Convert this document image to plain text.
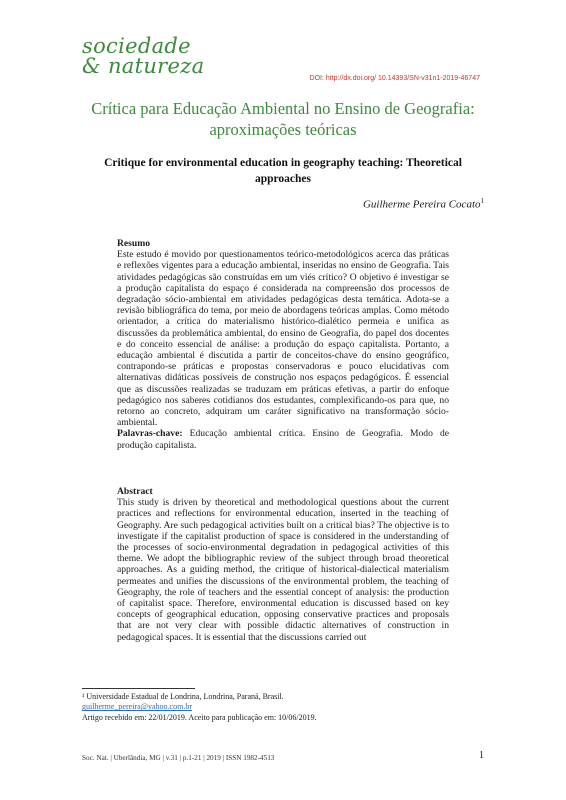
sociedade
& natureza
DOI: http://dx.doi.org/ 10.14393/SN-v31n1-2019-46747
Crítica para Educação Ambiental no Ensino de Geografia: aproximações teóricas
Critique for environmental education in geography teaching: Theoretical approaches
Guilherme Pereira Cocato$^1$
Resumo
Este estudo é movido por questionamentos teórico-metodológicos acerca das práticas e reflexões vigentes para a educação ambiental, inseridas no ensino de Geografia. Tais atividades pedagógicas são construídas em um viés crítico? O objetivo é investigar se a produção capitalista do espaço é considerada na compreensão dos processos de degradação sócio-ambiental em atividades pedagógicas desta temática. Adota-se a revisão bibliográfica do tema, por meio de abordagens teóricas amplas. Como método orientador, a crítica do materialismo histórico-dialético permeia e unifica as discussões da problemática ambiental, do ensino de Geografia, do papel dos docentes e do conceito essencial de análise: a produção do espaço capitalista. Portanto, a educação ambiental é discutida a partir de conceitos-chave do ensino geográfico, contrapondo-se práticas e propostas conservadoras e pouco elucidativas com alternativas didáticas possíveis de construção nos espaços pedagógicos. É essencial que as discussões realizadas se traduzam em práticas efetivas, a partir do enfoque pedagógico nos saberes cotidianos dos estudantes, complexificando-os para que, no retorno ao concreto, adquiram um caráter significativo na transformação sócio-ambiental.
Palavras-chave: Educação ambiental crítica. Ensino de Geografia. Modo de produção capitalista.
Abstract
This study is driven by theoretical and methodological questions about the current practices and reflections for environmental education, inserted in the teaching of Geography. Are such pedagogical activities built on a critical bias? The objective is to investigate if the capitalist production of space is considered in the understanding of the processes of socio-environmental degradation in pedagogical activities of this theme. We adopt the bibliographic review of the subject through broad theoretical approaches. As a guiding method, the critique of historical-dialectical materialism permeates and unifies the discussions of the environmental problem, the teaching of Geography, the role of teachers and the essential concept of analysis: the production of capitalist space. Therefore, environmental education is discussed based on key concepts of geographical education, opposing conservative practices and proposals that are not very clear with possible didactic alternatives of construction in pedagogical spaces. It is essential that the discussions carried out
¹ Universidade Estadual de Londrina, Londrina, Paraná, Brasil.
guilherme_pereira@yahoo.com.br
Artigo recebido em: 22/01/2019. Aceito para publicação em: 10/06/2019.
Soc. Nat. | Uberlândia, MG | v.31 | p.1-21 | 2019 | ISSN 1982-4513	1
